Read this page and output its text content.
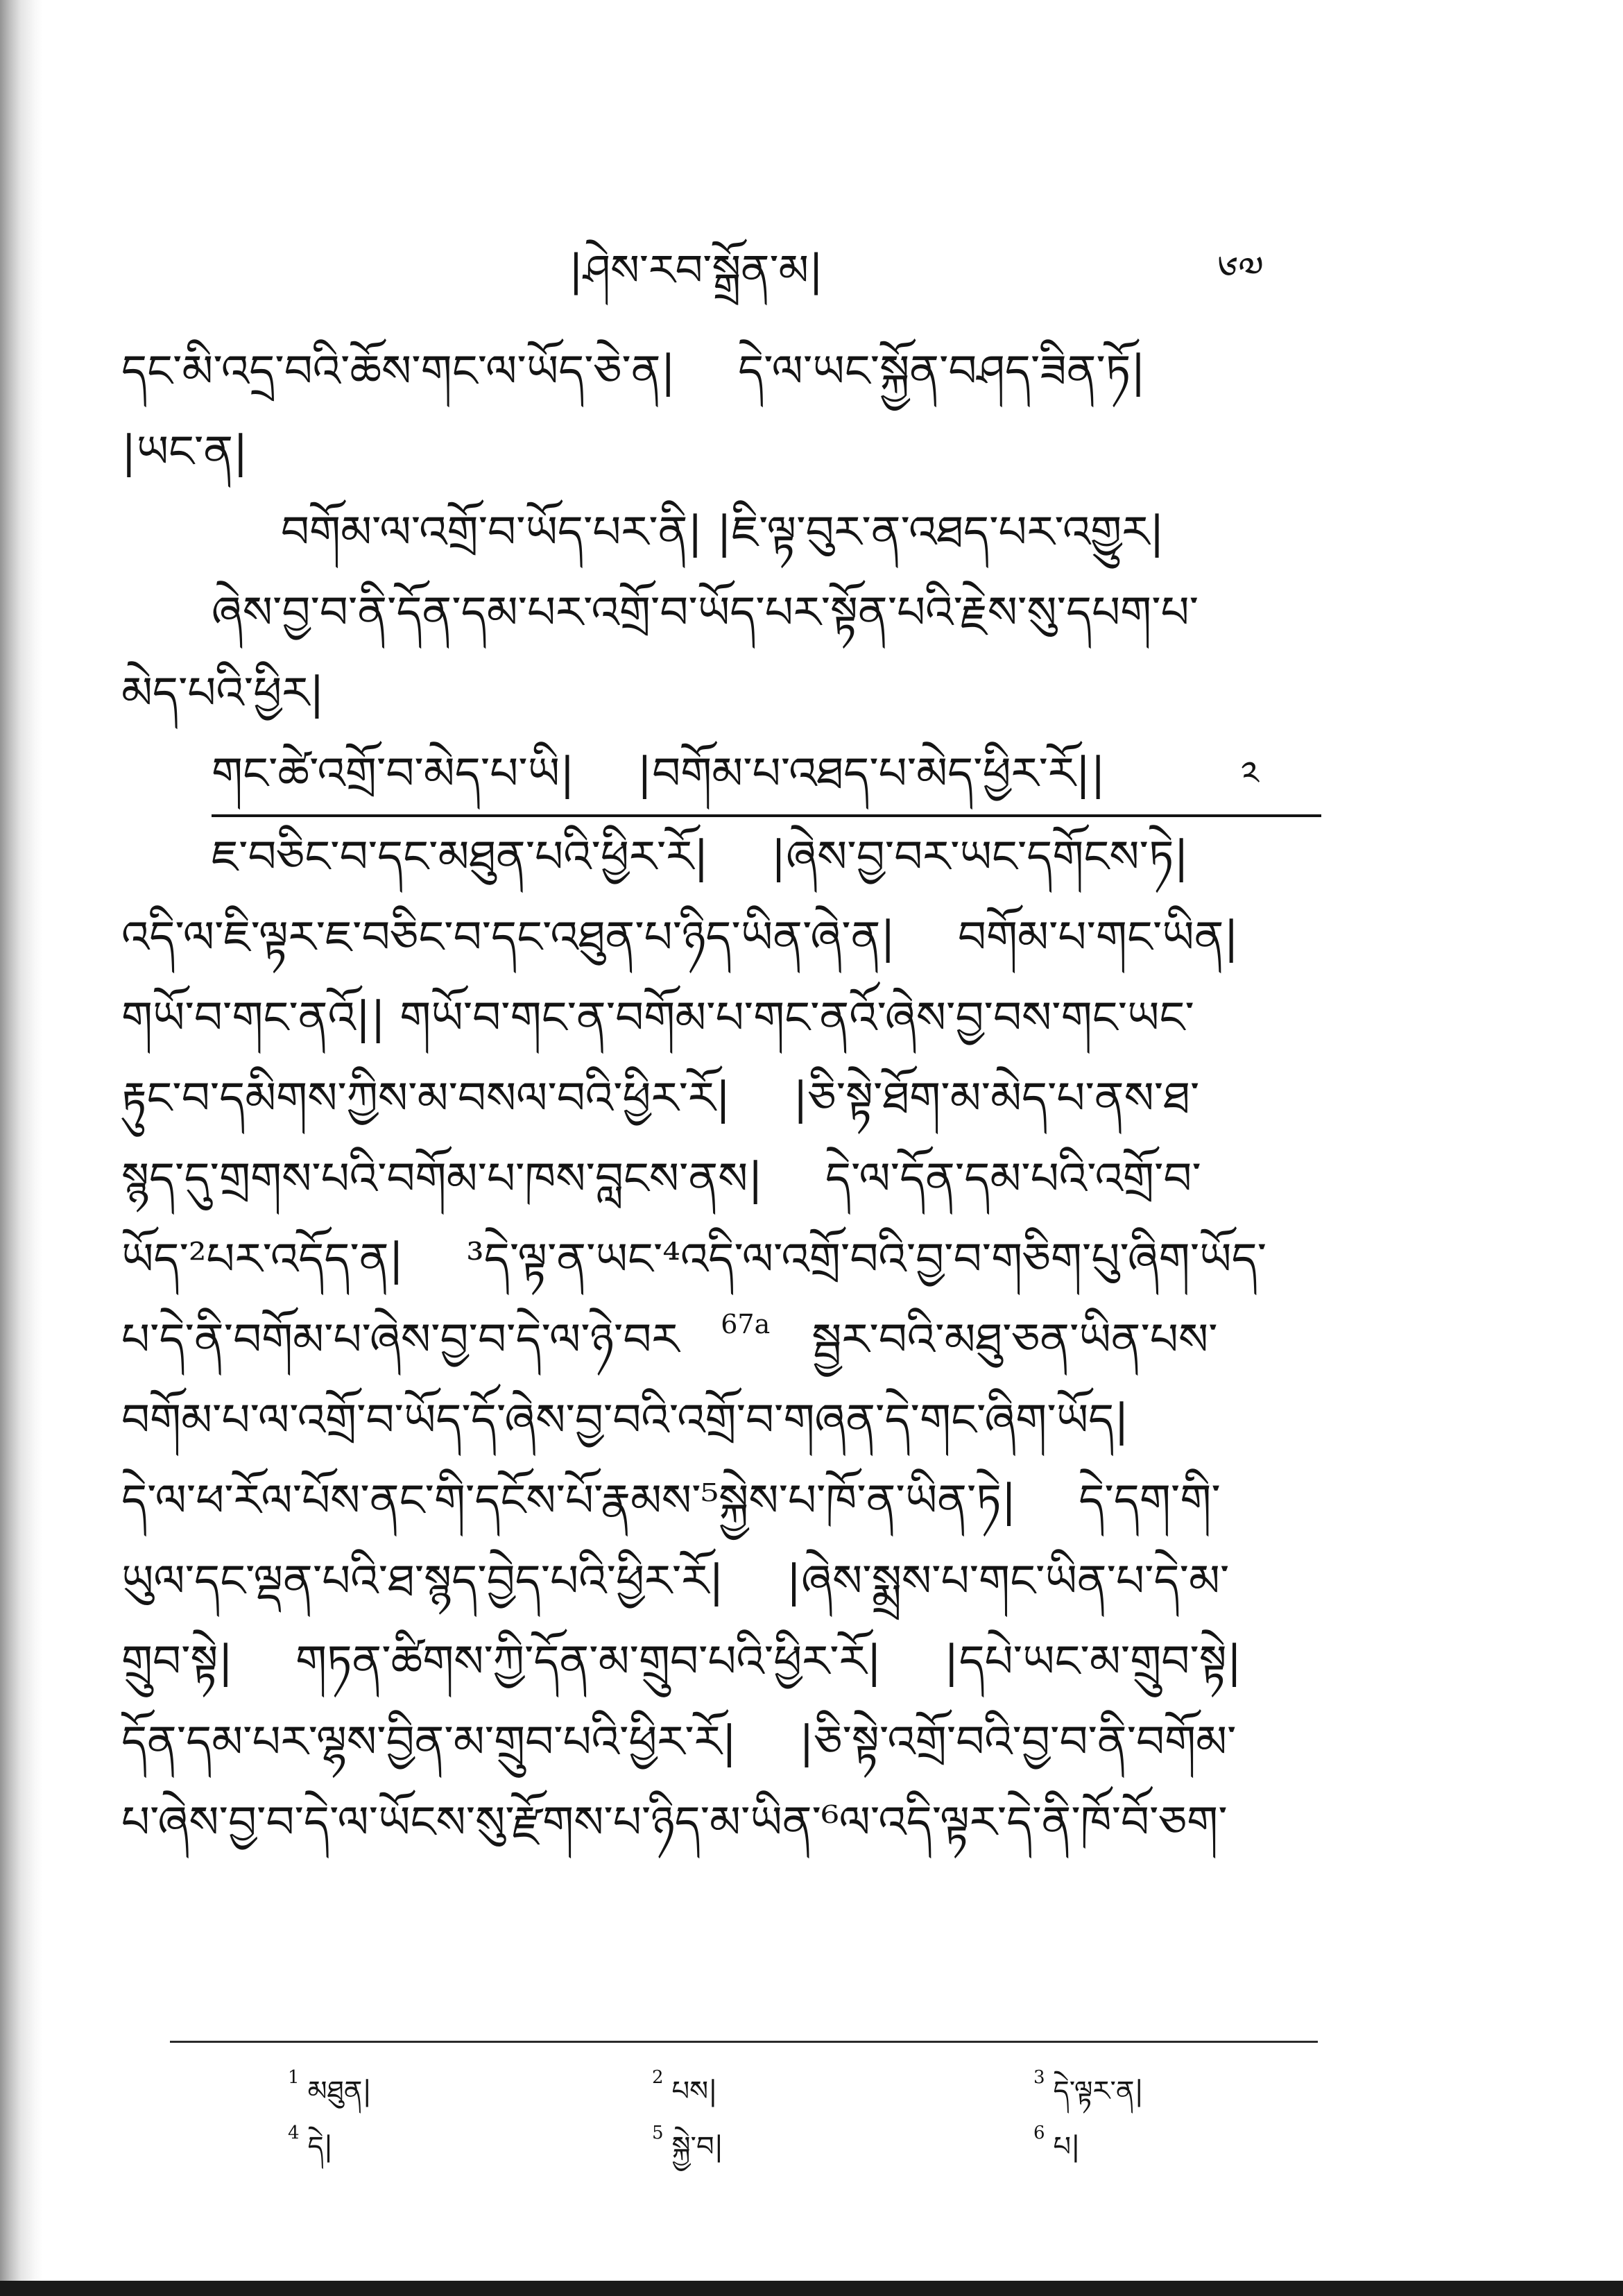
|ཤེས་རབ་སྒྲོན་མ|	༦༧
དང་མི་འདྲ་བའི་ཆོས་གང་ལ་ཡོད་ཅེ་ན| དེ་ལ་ཡང་སྐྱོན་བཤད་ཟིན་ཏོ|
|ཡང་ན|
བགོམ་ལ་འགྲོ་བ་ཡོད་པར་ནི| |ཇི་ལྟ་བུར་ན་འཐད་པར་འགྱུར|
ཞེས་བྱ་བ་ནི་དོན་དམ་པར་འགྲོ་བ་ཡོད་པར་སྟོན་པའི་རྗེས་སུ་དཔག་པ་
མེད་པའི་ཕྱིར|
གང་ཚེ་འགྲོ་བ་མེད་པ་ཡི| |བགོམ་པ་འཐད་པ་མེད་ཕྱིར་རོ||	༢
ཇ་བཅིང་བ་དང་མཐུན་པའི་ཕྱིར་རོ| |ཞེས་བྱ་བར་ཡང་དགོངས་ཏེ|
འདི་ལ་ཇི་ལྟར་ཇ་བཅིང་བ་དང་འཐུན་པ་ཉིད་ཡིན་ཞེ་ན| བགོམ་པ་གང་ཡིན|
གཡོ་བ་གང་ནའོ|| གཡོ་བ་གང་ན་བགོམ་པ་གང་ནའོ་ཞེས་བྱ་བས་གང་ཡང་
རྟུང་བ་དམིགས་ཀྱིས་མ་བསལ་བའི་ཕྱིར་རོ| |ཅི་སྟེ་ཐོག་མ་མེད་པ་ནས་ཐ་
སྙད་དུ་གྲགས་པའི་བགོམ་པ་ཁས་བླངས་ནས| དེ་ལ་དོན་དམ་པའི་འགྲོ་བ་
ཡོད་²པར་འདོད་ན| ³དེ་ལྟ་ན་ཡང་⁴འདི་ལ་འགྲོ་བའི་བྱ་བ་གཅིག་པུ་ཞིག་ཡོད་
པ་དེ་ནི་བགོམ་པ་ཞེས་བྱ་བ་དེ་ལ་ཉེ་བར 67a སྦྱར་བའི་མཐུ་ཅན་ཡིན་པས་
བགོམ་པ་ལ་འགྲོ་བ་ཡོད་དོ་ཞེས་བྱ་བའི་འགྲོ་བ་གཞན་དེ་གང་ཞིག་ཡོད|
དེ་ལ་ཕ་རོལ་པོས་ནང་གི་དངོས་པོ་རྣམས་⁵སྐྱེས་པ་ཁོ་ན་ཡིན་ཏེ| དེ་དག་གི་
ཡུལ་དང་ལྡན་པའི་ཐ་སྙད་བྱེད་པའི་ཕྱིར་རོ| |ཞེས་སྨྲས་པ་གང་ཡིན་པ་དེ་མ་
གྲུབ་སྟེ| གཏན་ཚིགས་ཀྱི་དོན་མ་གྲུབ་པའི་ཕྱིར་རོ| |དཔེ་ཡང་མ་གྲུབ་སྟེ|
དོན་དམ་པར་ལྷས་བྱིན་མ་གྲུབ་པའི་ཕྱིར་རོ| |ཅི་སྟེ་འགྲོ་བའི་བྱ་བ་ནི་བགོམ་
པ་ཞེས་བྱ་བ་དེ་ལ་ཡོངས་སུ་རྫོགས་པ་ཉིད་མ་ཡིན་⁶ལ་འདི་ལྟར་དེ་ནི་ཁོ་བོ་ཅག་
$^1$ མཐུན|	$^2$ པས|	$^3$ དེ་ལྟར་ན|
$^4$ དེ|	$^5$ སྐྱེ་བ|	$^6$ པ|
